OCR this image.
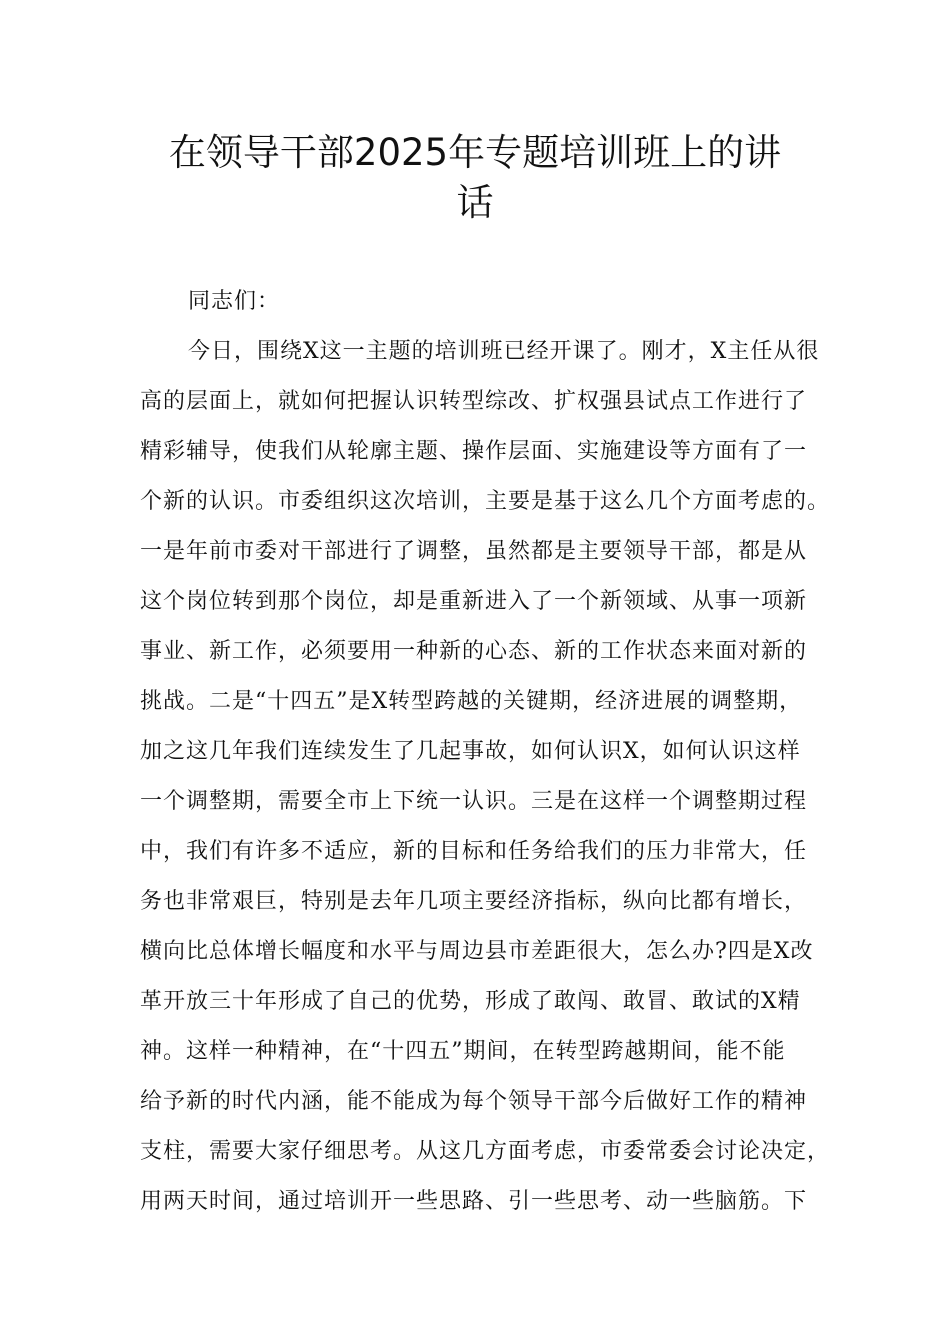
在领导干部2025年专题培训班上的讲
话
同志们：
今日，围绕X这一主题的培训班已经开课了。刚才，X主任从很
高的层面上，就如何把握认识转型综改、扩权强县试点工作进行了
精彩辅导，使我们从轮廓主题、操作层面、实施建设等方面有了一
个新的认识。市委组织这次培训，主要是基于这么几个方面考虑的。
一是年前市委对干部进行了调整，虽然都是主要领导干部，都是从
这个岗位转到那个岗位，却是重新进入了一个新领域、从事一项新
事业、新工作，必须要用一种新的心态、新的工作状态来面对新的
挑战。二是“十四五”是X转型跨越的关键期，经济进展的调整期，
加之这几年我们连续发生了几起事故，如何认识X，如何认识这样
一个调整期，需要全市上下统一认识。三是在这样一个调整期过程
中，我们有许多不适应，新的目标和任务给我们的压力非常大，任
务也非常艰巨，特别是去年几项主要经济指标，纵向比都有增长，
横向比总体增长幅度和水平与周边县市差距很大，怎么办?四是X改
革开放三十年形成了自己的优势，形成了敢闯、敢冒、敢试的X精
神。这样一种精神，在“十四五”期间，在转型跨越期间，能不能
给予新的时代内涵，能不能成为每个领导干部今后做好工作的精神
支柱，需要大家仔细思考。从这几方面考虑，市委常委会讨论决定，
用两天时间，通过培训开一些思路、引一些思考、动一些脑筋。下
